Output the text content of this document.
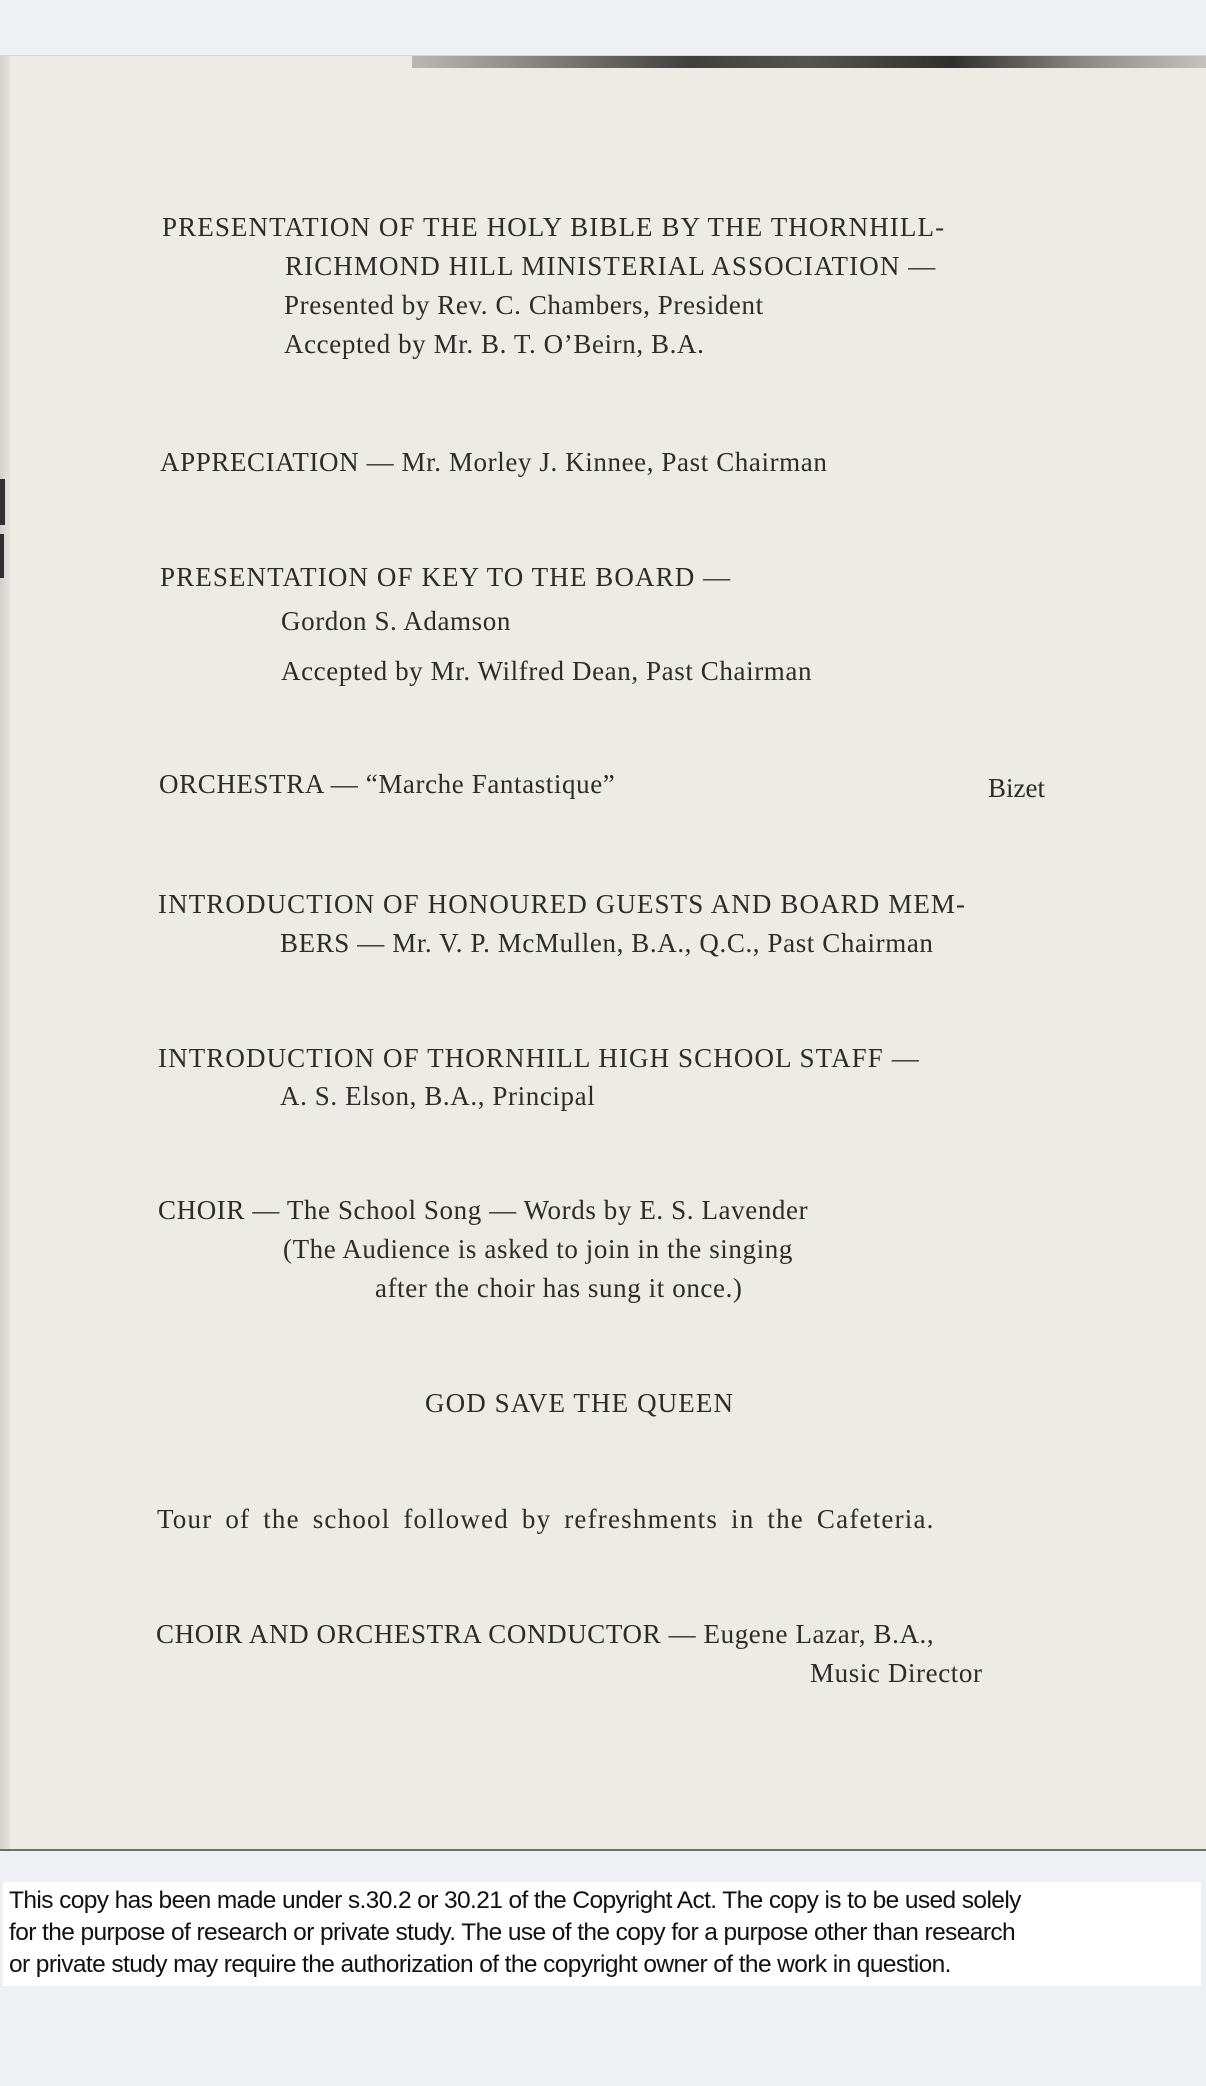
PRESENTATION OF THE HOLY BIBLE BY THE THORNHILL-
RICHMOND HILL MINISTERIAL ASSOCIATION —
Presented by Rev. C. Chambers, President
Accepted by Mr. B. T. O’Beirn, B.A.
APPRECIATION — Mr. Morley J. Kinnee, Past Chairman
PRESENTATION OF KEY TO THE BOARD —
Gordon S. Adamson
Accepted by Mr. Wilfred Dean, Past Chairman
ORCHESTRA — “Marche Fantastique”	Bizet
INTRODUCTION OF HONOURED GUESTS AND BOARD MEM-
BERS — Mr. V. P. McMullen, B.A., Q.C., Past Chairman
INTRODUCTION OF THORNHILL HIGH SCHOOL STAFF —
A. S. Elson, B.A., Principal
CHOIR — The School Song — Words by E. S. Lavender
(The Audience is asked to join in the singing
after the choir has sung it once.)
GOD SAVE THE QUEEN
Tour of the school followed by refreshments in the Cafeteria.
CHOIR AND ORCHESTRA CONDUCTOR — Eugene Lazar, B.A.,
Music Director
This copy has been made under s.30.2 or 30.21 of the Copyright Act. The copy is to be used solely
for the purpose of research or private study. The use of the copy for a purpose other than research
or private study may require the authorization of the copyright owner of the work in question.
